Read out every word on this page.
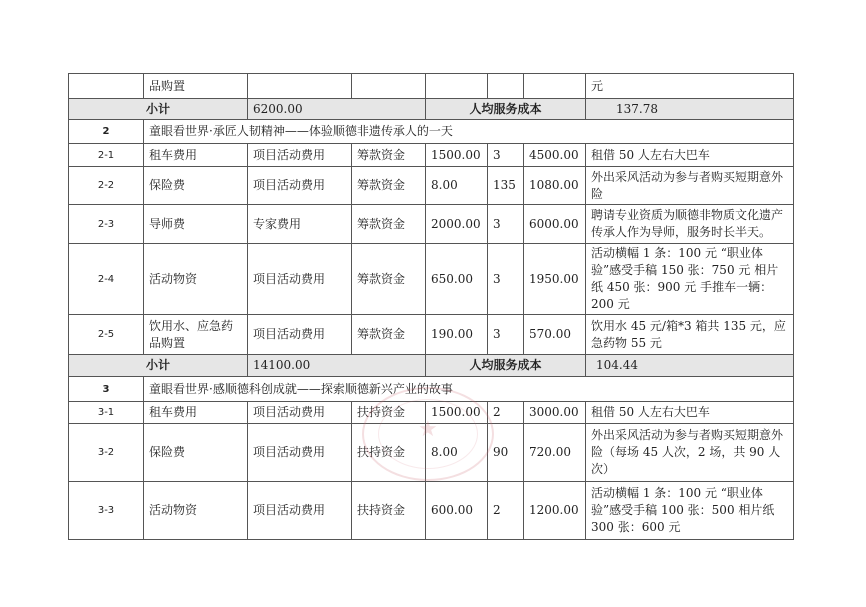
	品购置						元
小计		6200.00		人均服务成本			137.78
2	童眼看世界·承匠人韧精神——体验顺德非遗传承人的一天						
2-1	租车费用	项目活动费用	筹款资金	1500.00	3	4500.00	租借 50 人左右大巴车
2-2	保险费	项目活动费用	筹款资金	8.00	135	1080.00	外出采风活动为参与者购买短期意外险
2-3	导师费	专家费用	筹款资金	2000.00	3	6000.00	聘请专业资质为顺德非物质文化遗产传承人作为导师，服务时长半天。
2-4	活动物资	项目活动费用	筹款资金	650.00	3	1950.00	活动横幅 1 条：100 元 “职业体验”感受手稿 150 张：750 元 相片纸 450 张：900 元 手推车一辆：200 元
2-5	饮用水、应急药品购置	项目活动费用	筹款资金	190.00	3	570.00	饮用水 45 元/箱*3 箱共 135 元，应急药物 55 元
小计		14100.00		人均服务成本			104.44
3	童眼看世界·感顺德科创成就——探索顺德新兴产业的故事						
3-1	租车费用	项目活动费用	扶持资金	1500.00	2	3000.00	租借 50 人左右大巴车
3-2	保险费	项目活动费用	扶持资金	8.00	90	720.00	外出采风活动为参与者购买短期意外险（每场 45 人次，2 场，共 90 人次）
3-3	活动物资	项目活动费用	扶持资金	600.00	2	1200.00	活动横幅 1 条：100 元 “职业体验”感受手稿 100 张：500 相片纸 300 张：600 元
★
